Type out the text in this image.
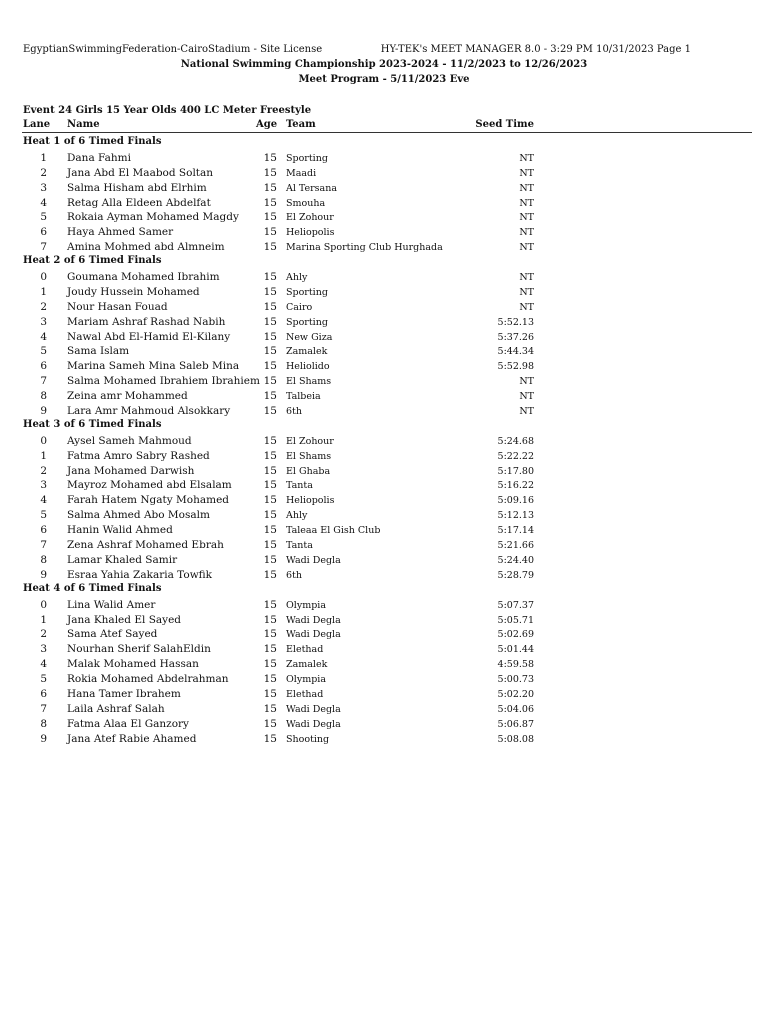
EgyptianSwimmingFederation-CairoStadium - Site License	HY-TEK's MEET MANAGER 8.0 - 3:29 PM 10/31/2023 Page 1
National Swimming Championship 2023-2024 - 11/2/2023 to 12/26/2023
Meet Program - 5/11/2023 Eve
Event 24 Girls 15 Year Olds 400 LC Meter Freestyle
Lane Name	Age Team	Seed Time
Heat 1 of 6 Timed Finals
1 Dana Fahmi	15 Sporting	NT
2 Jana Abd El Maabod Soltan	15 Maadi	NT
3 Salma Hisham abd Elrhim	15 Al Tersana	NT
4 Retag Alla Eldeen Abdelfat	15 Smouha	NT
5 Rokaia Ayman Mohamed Magdy	15 El Zohour	NT
6 Haya Ahmed Samer	15 Heliopolis	NT
7 Amina Mohmed abd Almneim	15 Marina Sporting Club Hurghada	NT
Heat 2 of 6 Timed Finals
0 Goumana Mohamed Ibrahim	15 Ahly	NT
1 Joudy Hussein Mohamed	15 Sporting	NT
2 Nour Hasan Fouad	15 Cairo	NT
3 Mariam Ashraf Rashad Nabih	15 Sporting	5:52.13
4 Nawal Abd El-Hamid El-Kilany	15 New Giza	5:37.26
5 Sama Islam	15 Zamalek	5:44.34
6 Marina Sameh Mina Saleb Mina	15 Heliolido	5:52.98
7 Salma Mohamed Ibrahiem Ibrahiem 15 El Shams	NT
8 Zeina amr Mohammed	15 Talbeia	NT
9 Lara Amr Mahmoud Alsokkary	15 6th	NT
Heat 3 of 6 Timed Finals
0 Aysel Sameh Mahmoud	15 El Zohour	5:24.68
1 Fatma Amro Sabry Rashed	15 El Shams	5:22.22
2 Jana Mohamed Darwish	15 El Ghaba	5:17.80
3 Mayroz Mohamed abd Elsalam	15 Tanta	5:16.22
4 Farah Hatem Ngaty Mohamed	15 Heliopolis	5:09.16
5 Salma Ahmed Abo Mosalm	15 Ahly	5:12.13
6 Hanin Walid Ahmed	15 Taleaa El Gish Club	5:17.14
7 Zena Ashraf Mohamed Ebrah	15 Tanta	5:21.66
8 Lamar Khaled Samir	15 Wadi Degla	5:24.40
9 Esraa Yahia Zakaria Towfik	15 6th	5:28.79
Heat 4 of 6 Timed Finals
0 Lina Walid Amer	15 Olympia	5:07.37
1 Jana Khaled El Sayed	15 Wadi Degla	5:05.71
2 Sama Atef Sayed	15 Wadi Degla	5:02.69
3 Nourhan Sherif SalahEldin	15 Elethad	5:01.44
4 Malak Mohamed Hassan	15 Zamalek	4:59.58
5 Rokia Mohamed Abdelrahman	15 Olympia	5:00.73
6 Hana Tamer Ibrahem	15 Elethad	5:02.20
7 Laila Ashraf Salah	15 Wadi Degla	5:04.06
8 Fatma Alaa El Ganzory	15 Wadi Degla	5:06.87
9 Jana Atef Rabie Ahamed	15 Shooting	5:08.08
